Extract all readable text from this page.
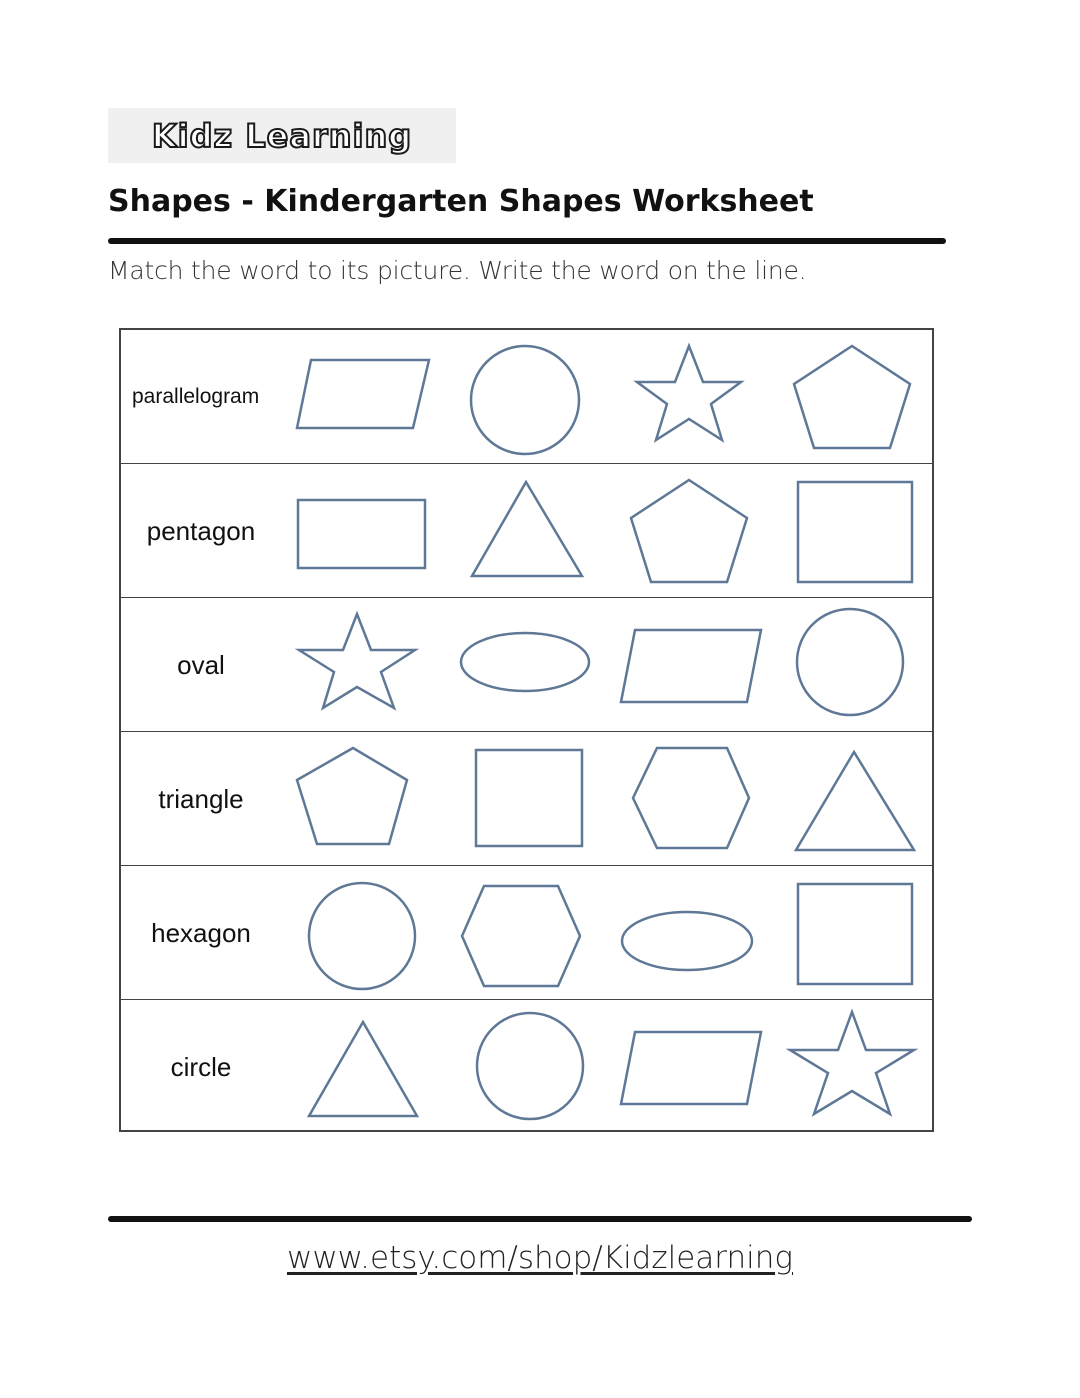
Kidz Learning
Shapes - Kindergarten Shapes Worksheet
Match the word to its picture. Write the word on the line.
parallelogram
pentagon
oval
triangle
hexagon
circle
www.etsy.com/shop/Kidzlearning
